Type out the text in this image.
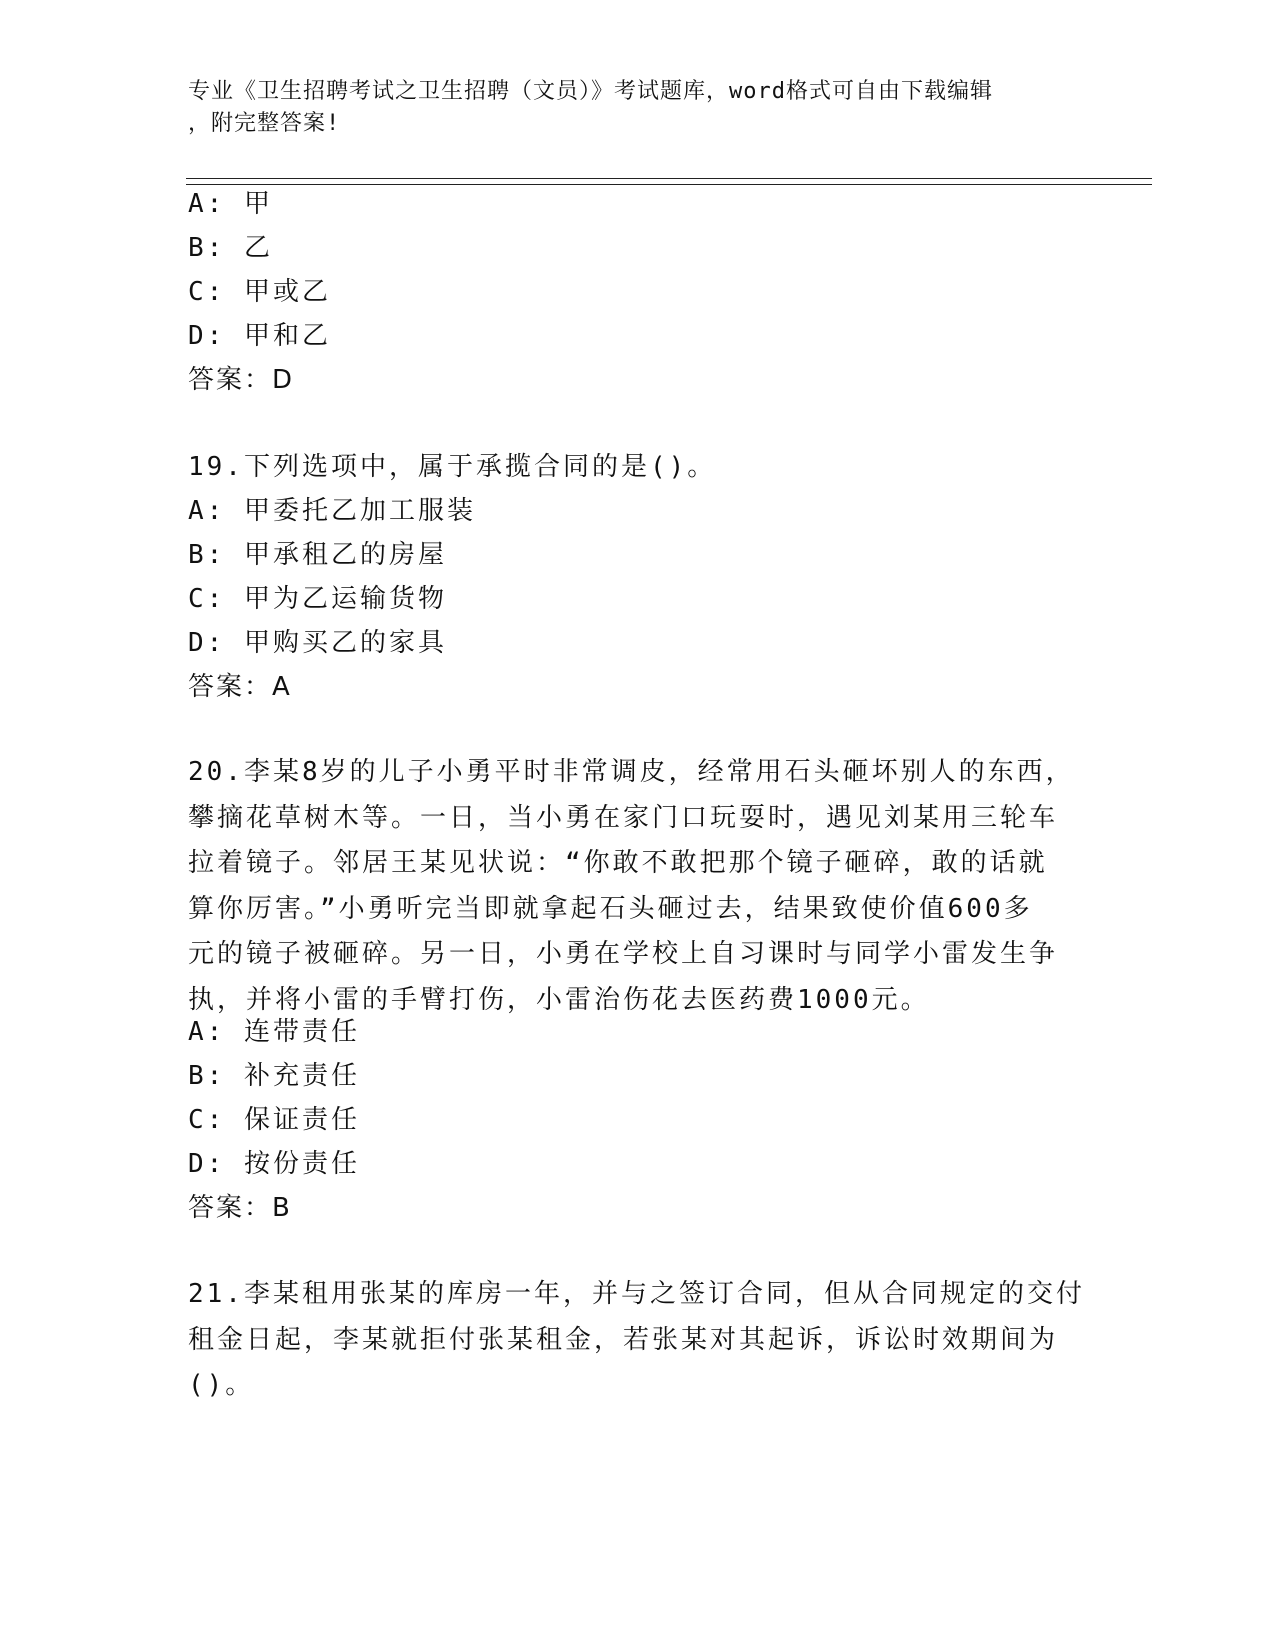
专业《卫生招聘考试之卫生招聘（文员）》考试题库，word格式可自由下载编辑
，附完整答案!
A: 甲
B: 乙
C: 甲或乙
D: 甲和乙
答案：D
19.下列选项中，属于承揽合同的是()。
A: 甲委托乙加工服装
B: 甲承租乙的房屋
C: 甲为乙运输货物
D: 甲购买乙的家具
答案：A
20.李某8岁的儿子小勇平时非常调皮，经常用石头砸坏别人的东西，
攀摘花草树木等。一日，当小勇在家门口玩耍时，遇见刘某用三轮车
拉着镜子。邻居王某见状说：“你敢不敢把那个镜子砸碎，敢的话就
算你厉害。”小勇听完当即就拿起石头砸过去，结果致使价值600多
元的镜子被砸碎。另一日，小勇在学校上自习课时与同学小雷发生争
执，并将小雷的手臂打伤，小雷治伤花去医药费1000元。
A: 连带责任
B: 补充责任
C: 保证责任
D: 按份责任
答案：B
21.李某租用张某的库房一年，并与之签订合同，但从合同规定的交付
租金日起，李某就拒付张某租金，若张某对其起诉，诉讼时效期间为
()。
